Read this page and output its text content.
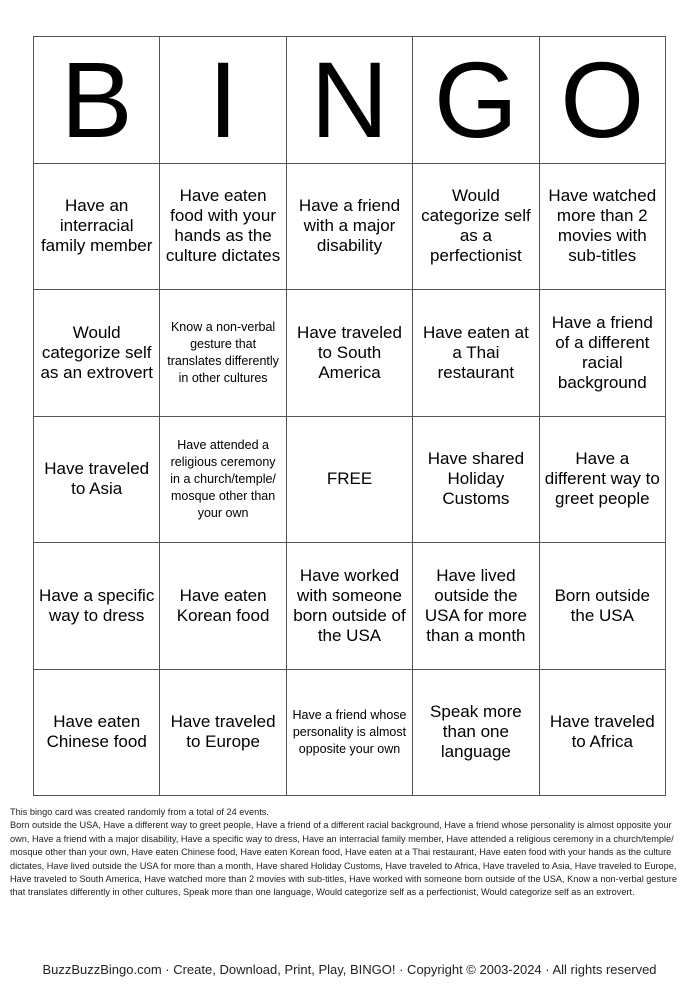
B I N G O
Have an interracial family member
Have eaten food with your hands as the culture dictates
Have a friend with a major disability
Would categorize self as a perfectionist
Have watched more than 2 movies with sub-titles
Would categorize self as an extrovert
Know a non-verbal gesture that translates differently in other cultures
Have traveled to South America
Have eaten at a Thai restaurant
Have a friend of a different racial background
Have traveled to Asia
Have attended a religious ceremony in a church/temple/ mosque other than your own
FREE
Have shared Holiday Customs
Have a different way to greet people
Have a specific way to dress
Have eaten Korean food
Have worked with someone born outside of the USA
Have lived outside the USA for more than a month
Born outside the USA
Have eaten Chinese food
Have traveled to Europe
Have a friend whose personality is almost opposite your own
Speak more than one language
Have traveled to Africa
This bingo card was created randomly from a total of 24 events.
Born outside the USA, Have a different way to greet people, Have a friend of a different racial background, Have a friend whose personality is almost opposite your own, Have a friend with a major disability, Have a specific way to dress, Have an interracial family member, Have attended a religious ceremony in a church/temple/ mosque other than your own, Have eaten Chinese food, Have eaten Korean food, Have eaten at a Thai restaurant, Have eaten food with your hands as the culture dictates, Have lived outside the USA for more than a month, Have shared Holiday Customs, Have traveled to Africa, Have traveled to Asia, Have traveled to Europe, Have traveled to South America, Have watched more than 2 movies with sub-titles, Have worked with someone born outside of the USA, Know a non-verbal gesture that translates differently in other cultures, Speak more than one language, Would categorize self as a perfectionist, Would categorize self as an extrovert.
BuzzBuzzBingo.com · Create, Download, Print, Play, BINGO! · Copyright © 2003-2024 · All rights reserved
